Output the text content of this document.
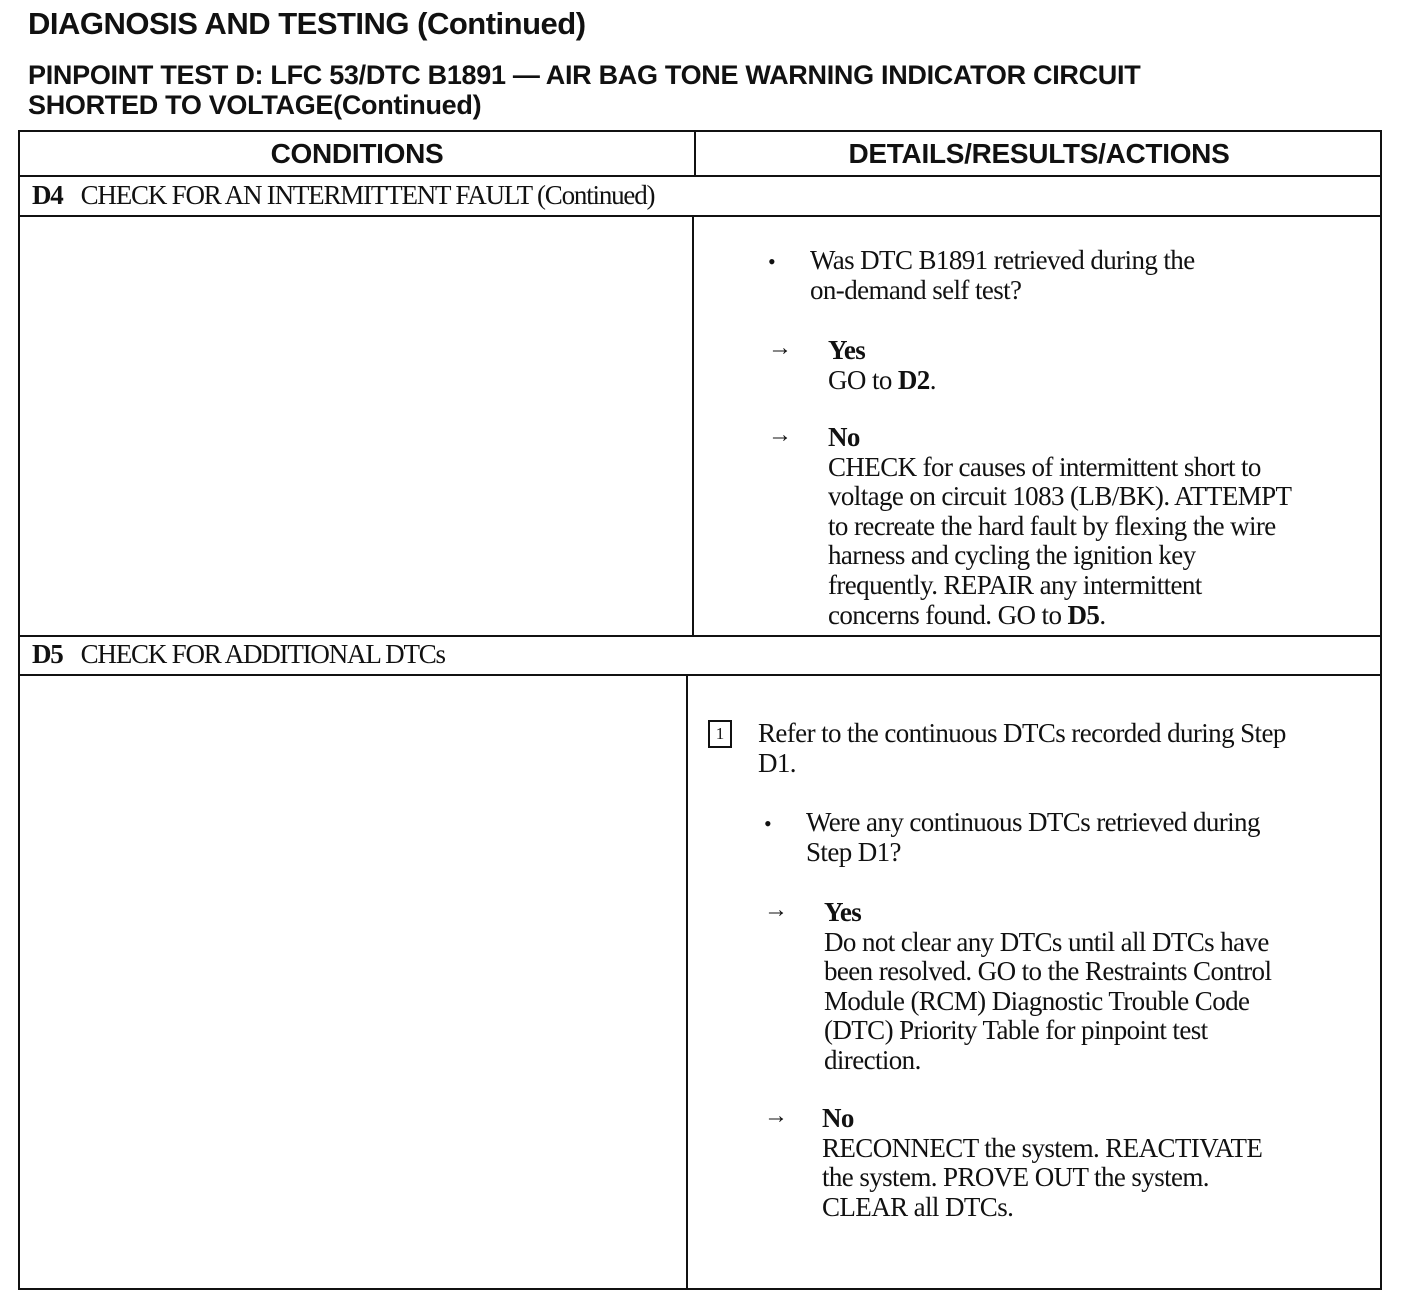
DIAGNOSIS AND TESTING (Continued)
PINPOINT TEST D: LFC 53/DTC B1891 — AIR BAG TONE WARNING INDICATOR CIRCUIT
SHORTED TO VOLTAGE(Continued)
CONDITIONS	DETAILS/RESULTS/ACTIONS
D4 CHECK FOR AN INTERMITTENT FAULT (Continued)
• Was DTC B1891 retrieved during the
on-demand self test?
→ Yes
GO to D2.
→ No
CHECK for causes of intermittent short to
voltage on circuit 1083 (LB/BK). ATTEMPT
to recreate the hard fault by flexing the wire
harness and cycling the ignition key
frequently. REPAIR any intermittent
concerns found. GO to D5.
D5 CHECK FOR ADDITIONAL DTCs
1 Refer to the continuous DTCs recorded during Step
D1.
• Were any continuous DTCs retrieved during
Step D1?
→ Yes
Do not clear any DTCs until all DTCs have
been resolved. GO to the Restraints Control
Module (RCM) Diagnostic Trouble Code
(DTC) Priority Table for pinpoint test
direction.
→ No
RECONNECT the system. REACTIVATE
the system. PROVE OUT the system.
CLEAR all DTCs.
